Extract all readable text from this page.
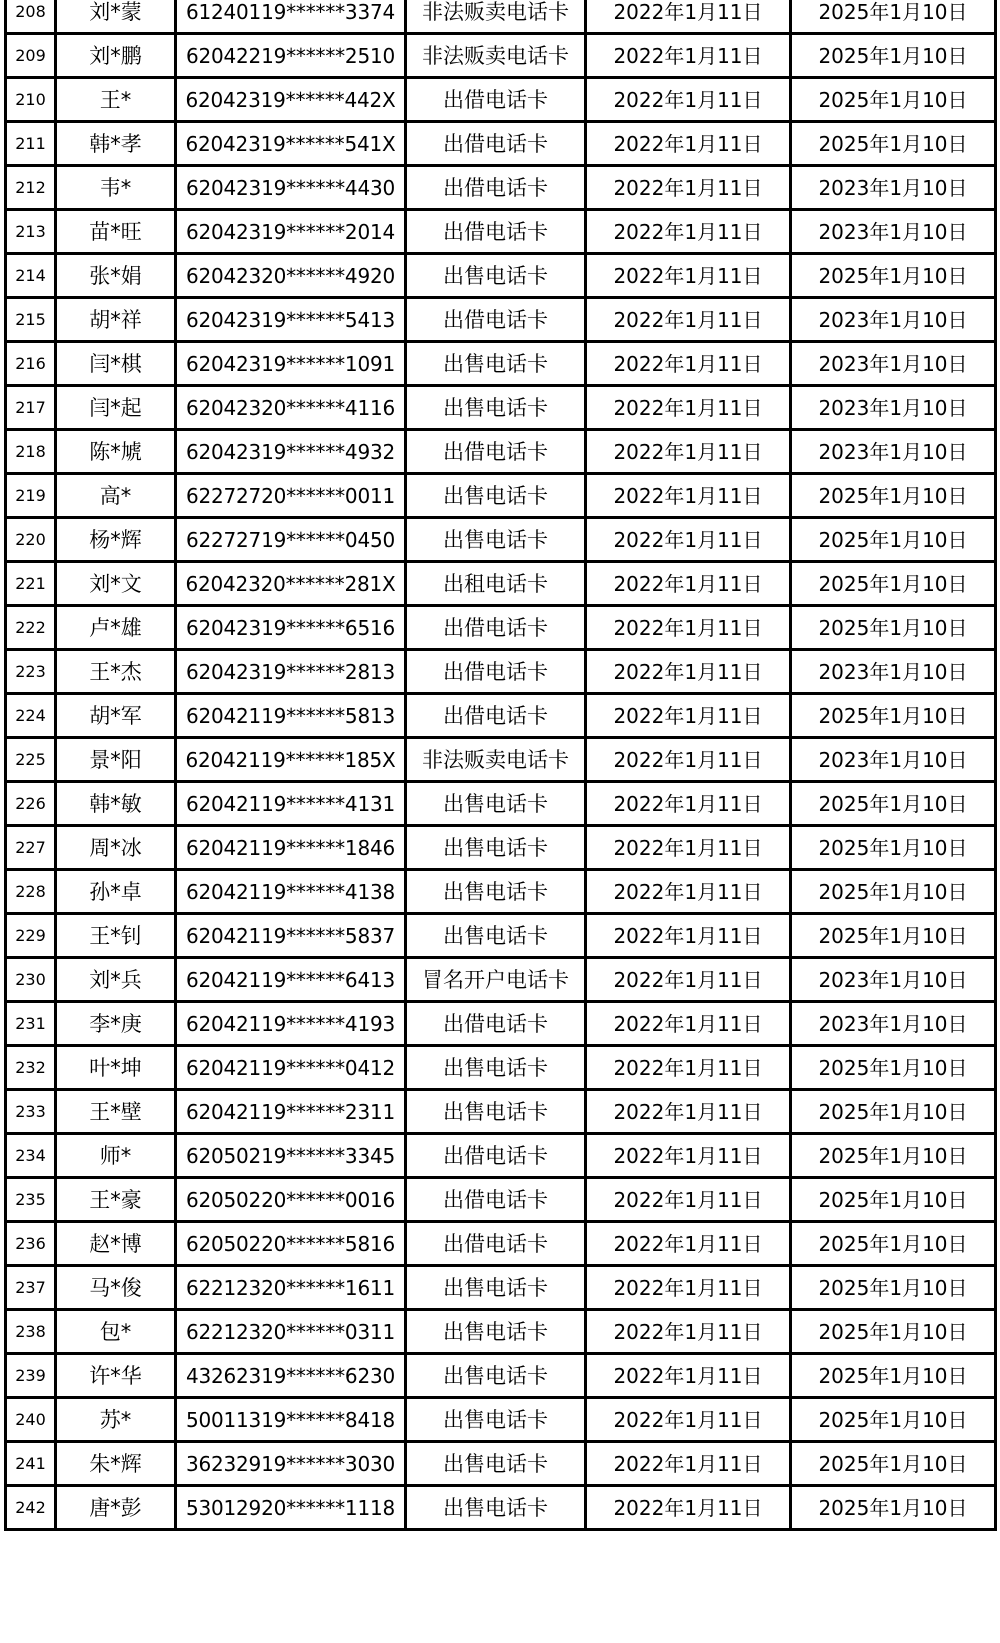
208	刘*蒙	61240119******3374	非法贩卖电话卡	2022年1月11日	2025年1月10日
209	刘*鹏	62042219******2510	非法贩卖电话卡	2022年1月11日	2025年1月10日
210	王*	62042319******442X	出借电话卡	2022年1月11日	2025年1月10日
211	韩*孝	62042319******541X	出借电话卡	2022年1月11日	2025年1月10日
212	韦*	62042319******4430	出借电话卡	2022年1月11日	2023年1月10日
213	苗*旺	62042319******2014	出借电话卡	2022年1月11日	2023年1月10日
214	张*娟	62042320******4920	出售电话卡	2022年1月11日	2025年1月10日
215	胡*祥	62042319******5413	出借电话卡	2022年1月11日	2023年1月10日
216	闫*棋	62042319******1091	出售电话卡	2022年1月11日	2023年1月10日
217	闫*起	62042320******4116	出售电话卡	2022年1月11日	2023年1月10日
218	陈*虓	62042319******4932	出借电话卡	2022年1月11日	2023年1月10日
219	高*	62272720******0011	出售电话卡	2022年1月11日	2025年1月10日
220	杨*辉	62272719******0450	出售电话卡	2022年1月11日	2025年1月10日
221	刘*文	62042320******281X	出租电话卡	2022年1月11日	2025年1月10日
222	卢*雄	62042319******6516	出借电话卡	2022年1月11日	2025年1月10日
223	王*杰	62042319******2813	出借电话卡	2022年1月11日	2023年1月10日
224	胡*军	62042119******5813	出借电话卡	2022年1月11日	2025年1月10日
225	景*阳	62042119******185X	非法贩卖电话卡	2022年1月11日	2023年1月10日
226	韩*敏	62042119******4131	出售电话卡	2022年1月11日	2025年1月10日
227	周*冰	62042119******1846	出售电话卡	2022年1月11日	2025年1月10日
228	孙*卓	62042119******4138	出售电话卡	2022年1月11日	2025年1月10日
229	王*钊	62042119******5837	出售电话卡	2022年1月11日	2025年1月10日
230	刘*兵	62042119******6413	冒名开户电话卡	2022年1月11日	2023年1月10日
231	李*庚	62042119******4193	出借电话卡	2022年1月11日	2023年1月10日
232	叶*坤	62042119******0412	出售电话卡	2022年1月11日	2025年1月10日
233	王*壁	62042119******2311	出售电话卡	2022年1月11日	2025年1月10日
234	师*	62050219******3345	出借电话卡	2022年1月11日	2025年1月10日
235	王*豪	62050220******0016	出借电话卡	2022年1月11日	2025年1月10日
236	赵*博	62050220******5816	出借电话卡	2022年1月11日	2025年1月10日
237	马*俊	62212320******1611	出售电话卡	2022年1月11日	2025年1月10日
238	包*	62212320******0311	出售电话卡	2022年1月11日	2025年1月10日
239	许*华	43262319******6230	出售电话卡	2022年1月11日	2025年1月10日
240	苏*	50011319******8418	出售电话卡	2022年1月11日	2025年1月10日
241	朱*辉	36232919******3030	出售电话卡	2022年1月11日	2025年1月10日
242	唐*彭	53012920******1118	出售电话卡	2022年1月11日	2025年1月10日
